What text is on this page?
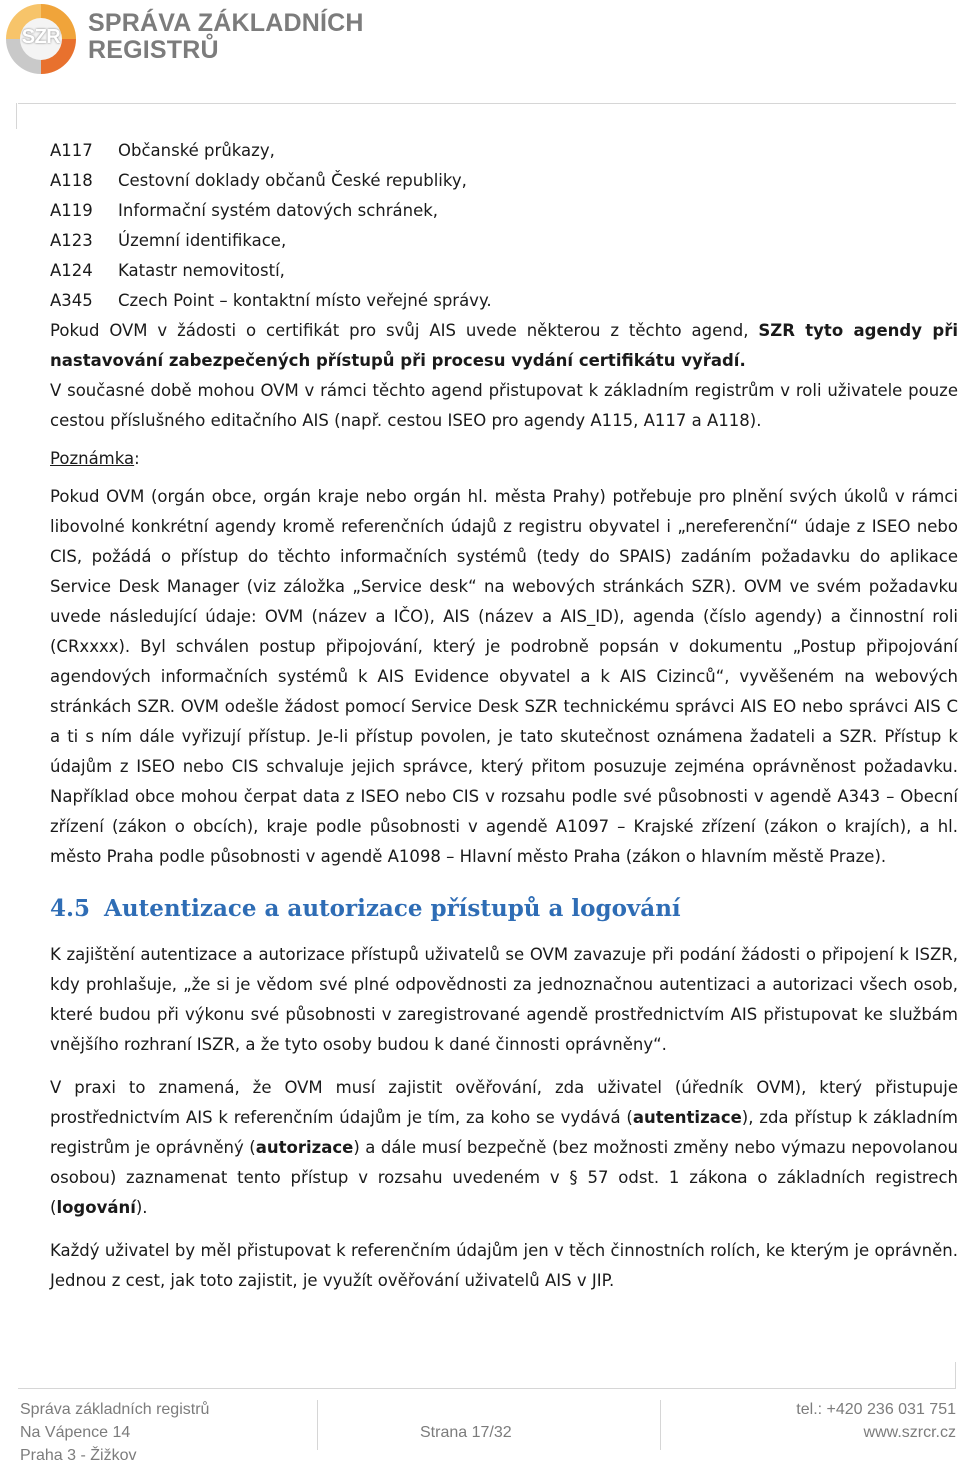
SZR	SPRÁVA ZÁKLADNÍCH
REGISTRŮ
A117	Občanské průkazy,
A118	Cestovní doklady občanů České republiky,
A119	Informační systém datových schránek,
A123	Územní identifikace,
A124	Katastr nemovitostí,
A345	Czech Point – kontaktní místo veřejné správy.

Pokud OVM v žádosti o certifikát pro svůj AIS uvede některou z těchto agend, SZR tyto agendy při nastavování zabezpečených přístupů při procesu vydání certifikátu vyřadí.

V současné době mohou OVM v rámci těchto agend přistupovat k základním registrům v roli uživatele pouze cestou příslušného editačního AIS (např. cestou ISEO pro agendy A115, A117 a A118).

Poznámka:

Pokud OVM (orgán obce, orgán kraje nebo orgán hl. města Prahy) potřebuje pro plnění svých úkolů v rámci libovolné konkrétní agendy kromě referenčních údajů z registru obyvatel i „nereferenční“ údaje z ISEO nebo CIS, požádá o přístup do těchto informačních systémů (tedy do SPAIS) zadáním požadavku do aplikace Service Desk Manager (viz záložka „Service desk“ na webových stránkách SZR). OVM ve svém požadavku uvede následující údaje: OVM (název a IČO), AIS (název a AIS_ID), agenda (číslo agendy) a činnostní roli (CRxxxx). Byl schválen postup připojování, který je podrobně popsán v dokumentu „Postup připojování agendových informačních systémů k AIS Evidence obyvatel a k AIS Cizinců“, vyvěšeném na webových stránkách SZR. OVM odešle žádost pomocí Service Desk SZR technickému správci AIS EO nebo správci AIS C a ti s ním dále vyřizují přístup. Je-li přístup povolen, je tato skutečnost oznámena žadateli a SZR. Přístup k údajům z ISEO nebo CIS schvaluje jejich správce, který přitom posuzuje zejména oprávněnost požadavku. Například obce mohou čerpat data z ISEO nebo CIS v rozsahu podle své působnosti v agendě A343 – Obecní zřízení (zákon o obcích), kraje podle působnosti v agendě A1097 – Krajské zřízení (zákon o krajích), a hl. město Praha podle působnosti v agendě A1098 – Hlavní město Praha (zákon o hlavním městě Praze).

4.5 Autentizace a autorizace přístupů a logování

K zajištění autentizace a autorizace přístupů uživatelů se OVM zavazuje při podání žádosti o připojení k ISZR, kdy prohlašuje, „že si je vědom své plné odpovědnosti za jednoznačnou autentizaci a autorizaci všech osob, které budou při výkonu své působnosti v zaregistrované agendě prostřednictvím AIS přistupovat ke službám vnějšího rozhraní ISZR, a že tyto osoby budou k dané činnosti oprávněny“.

V praxi to znamená, že OVM musí zajistit ověřování, zda uživatel (úředník OVM), který přistupuje prostřednictvím AIS k referenčním údajům je tím, za koho se vydává (autentizace), zda přístup k základním registrům je oprávněný (autorizace) a dále musí bezpečně (bez možnosti změny nebo výmazu nepovolanou osobou) zaznamenat tento přístup v rozsahu uvedeném v § 57 odst. 1 zákona o základních registrech (logování).

Každý uživatel by měl přistupovat k referenčním údajům jen v těch činnostních rolích, ke kterým je oprávněn. Jednou z cest, jak toto zajistit, je využít ověřování uživatelů AIS v JIP.

Správa základních registrů
Na Vápence 14
Praha 3 - Žižkov
Strana 17/32
tel.: +420 236 031 751
www.szrcr.cz
